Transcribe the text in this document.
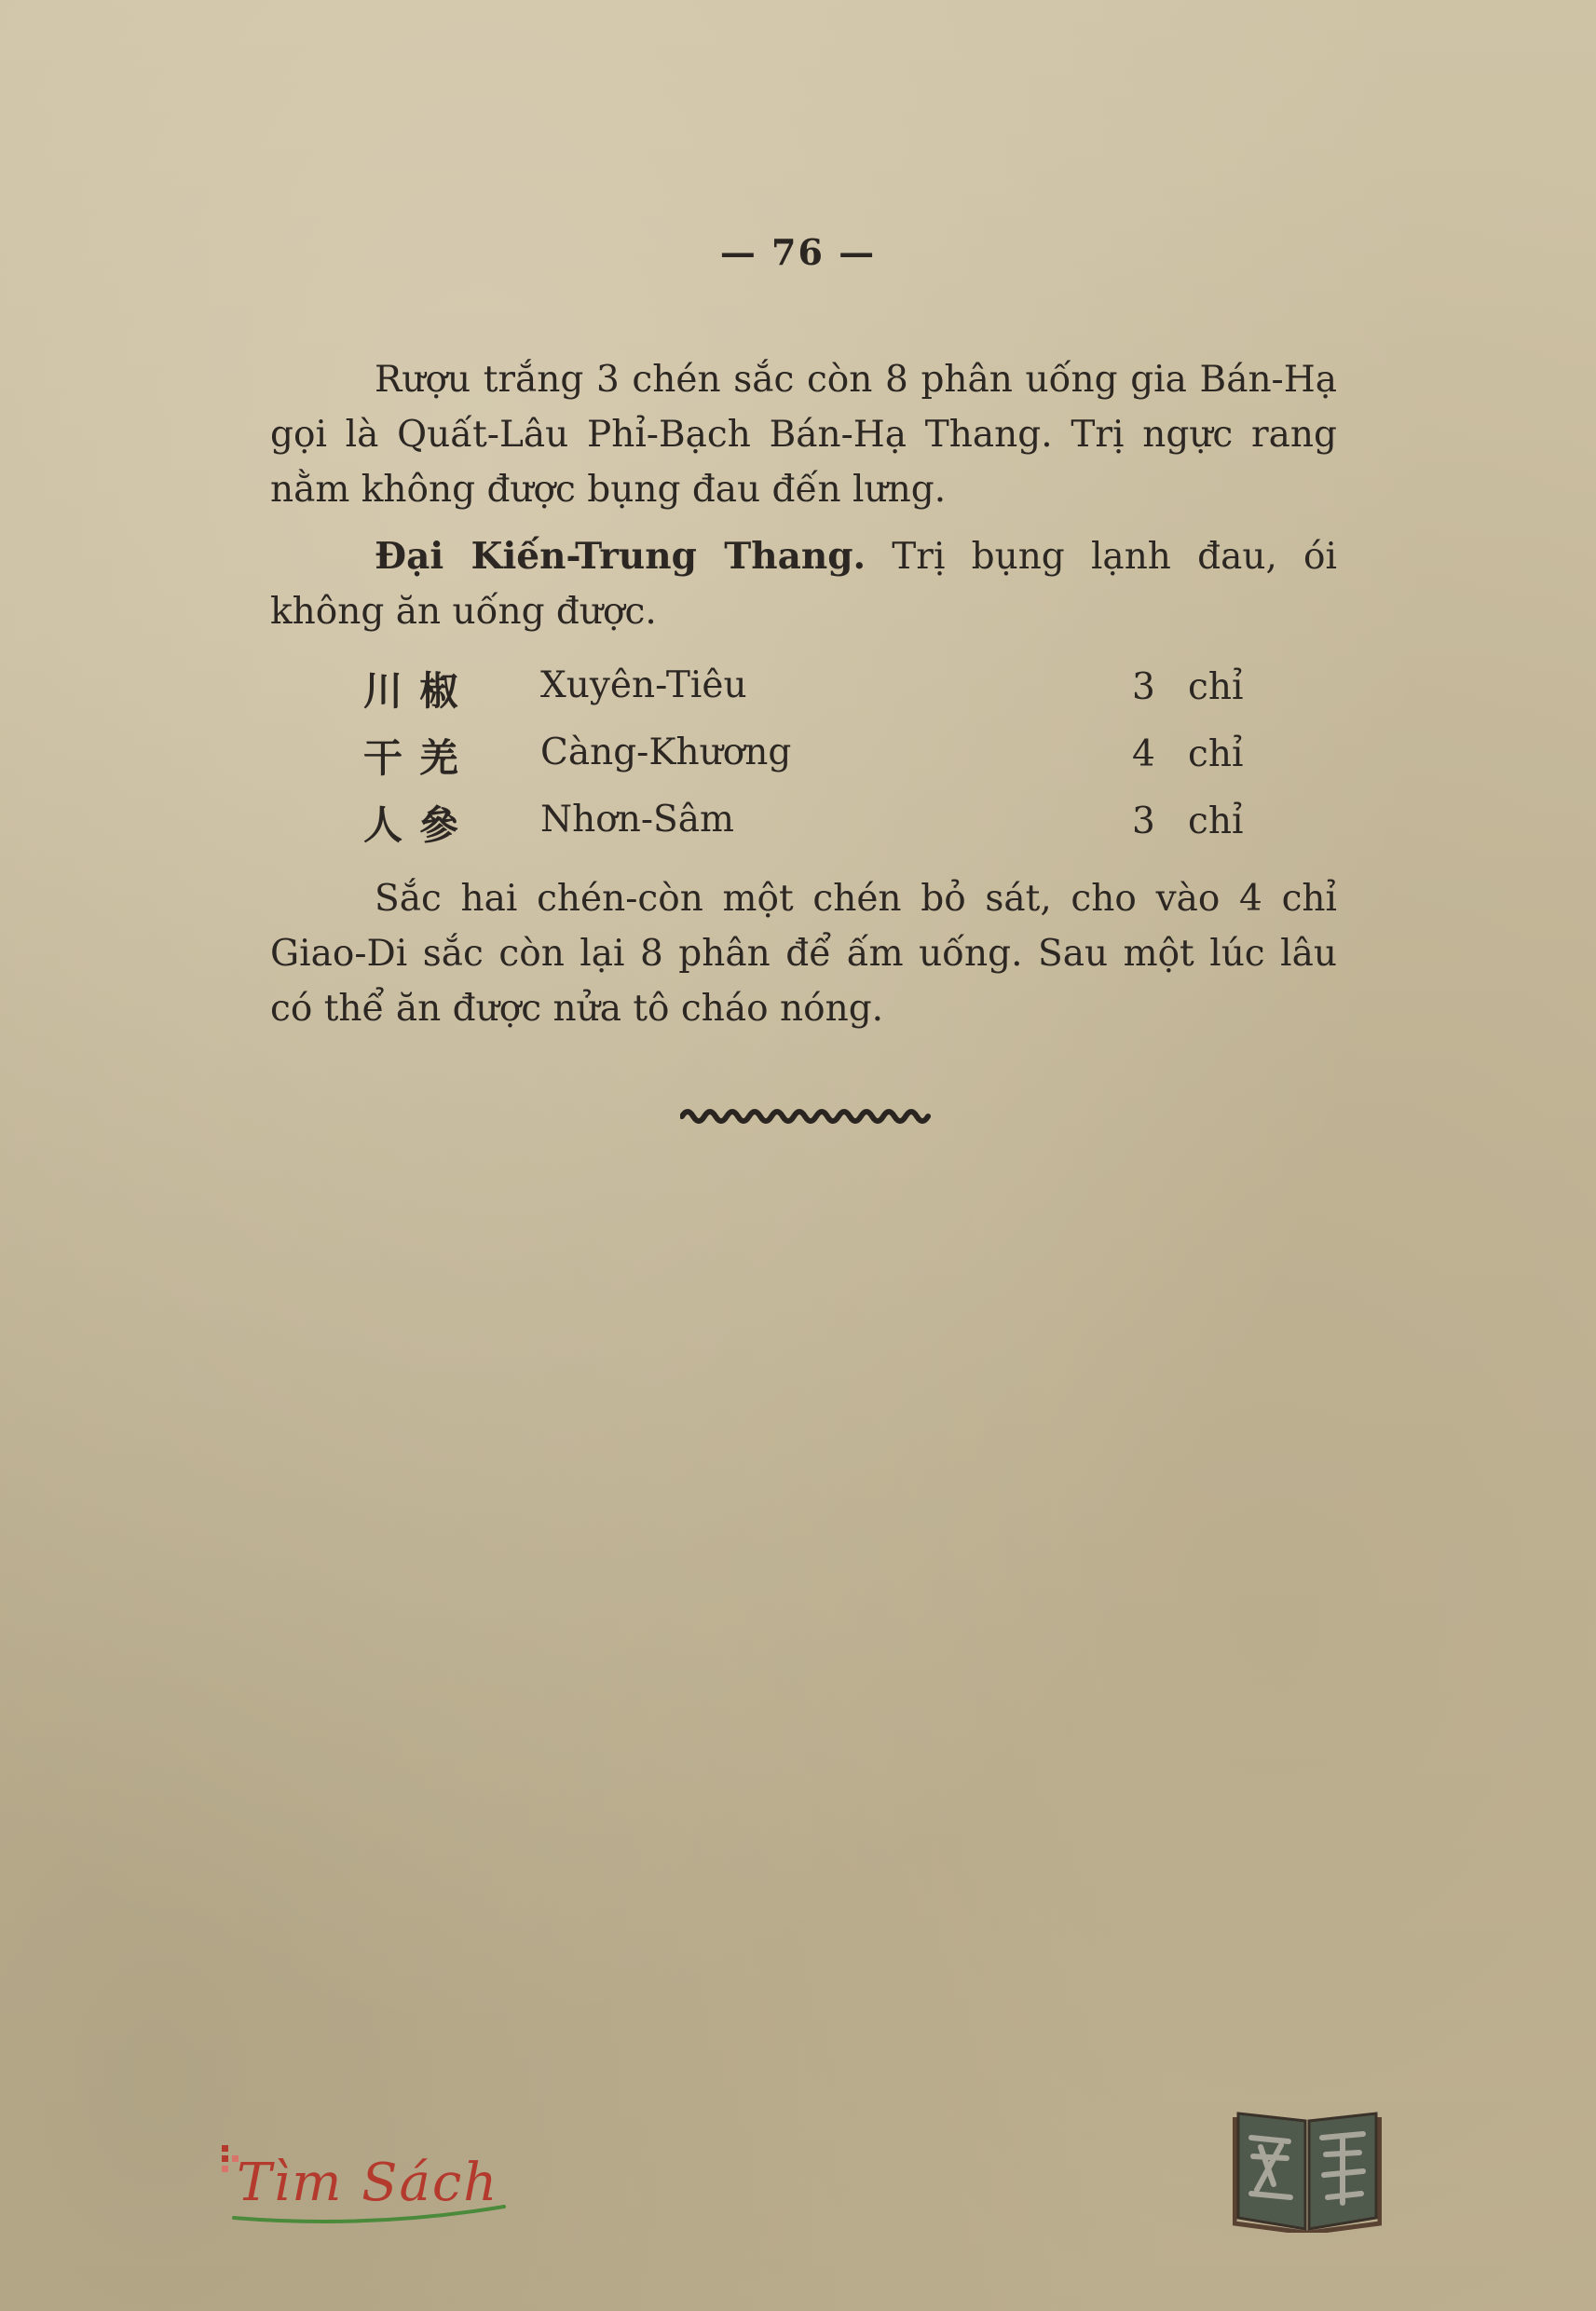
— 76 —
Rượu trắng 3 chén sắc còn 8 phân uống gia Bán-Hạ gọi là Quất-Lâu Phỉ-Bạch Bán-Hạ Thang. Trị ngực rang nằm không được bụng đau đến lưng.
Đại Kiến-Trung Thang. Trị bụng lạnh đau, ói không ăn uống được.
川椒 Xuyên-Tiêu	3 chỉ
干羌 Càng-Khương	4 chỉ
人參 Nhơn-Sâm	3 chỉ
Sắc hai chén-còn một chén bỏ sát, cho vào 4 chỉ Giao-Di sắc còn lại 8 phân để ấm uống. Sau một lúc lâu có thể ăn được nửa tô cháo nóng.
Tìm Sách
